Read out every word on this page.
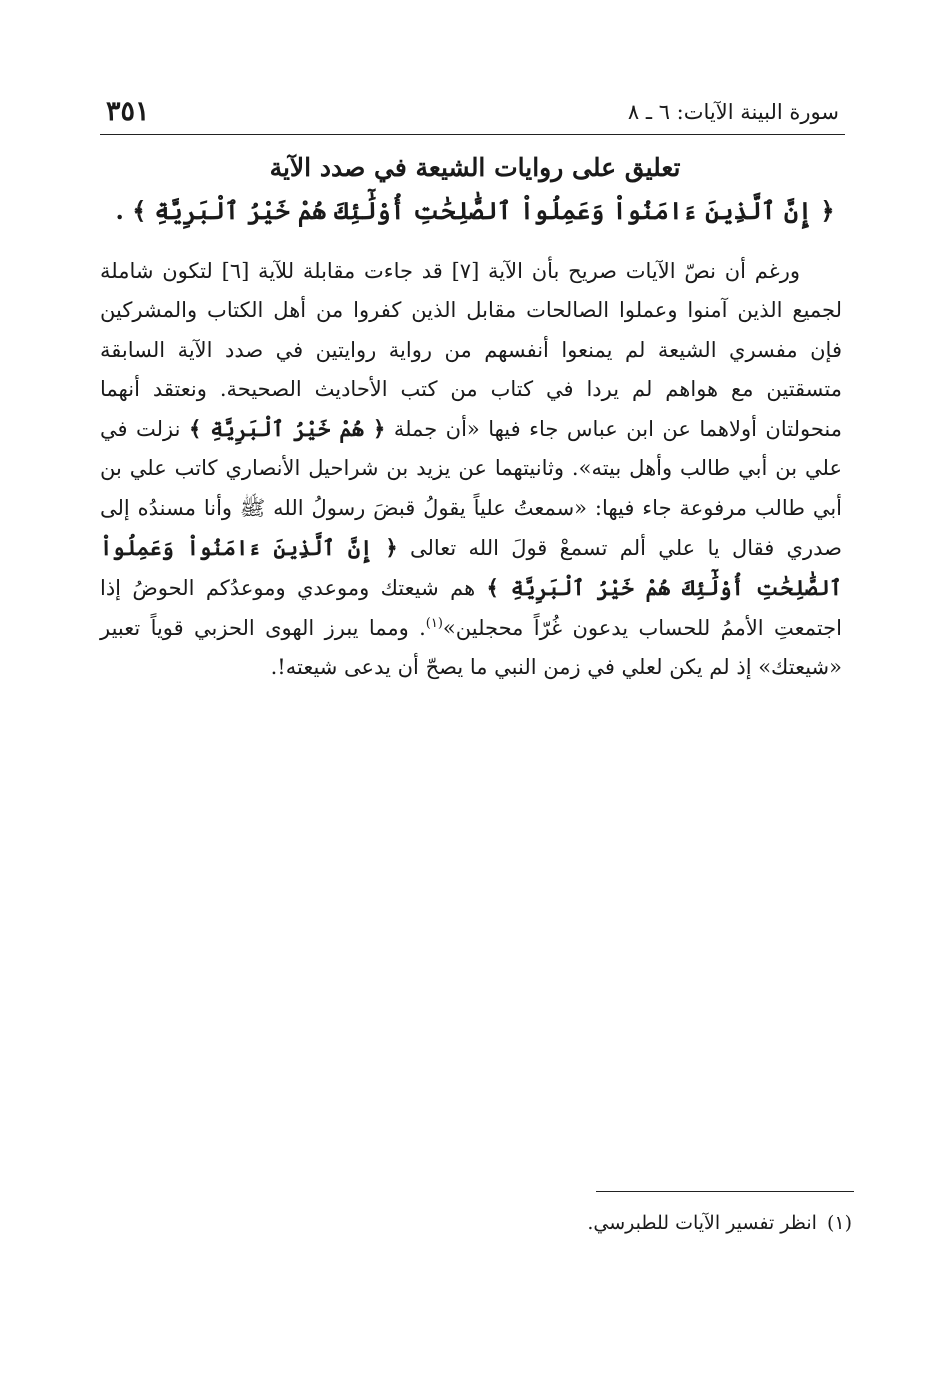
سورة البينة الآيات: ٦ ـ ٨
٣٥١
تعليق على روايات الشيعة في صدد الآية
﴿ إِنَّ ٱلَّذِينَ ءَامَنُواْ وَعَمِلُواْ ٱلصَّٰلِحَٰتِ أُوْلَٰٓئِكَ هُمْ خَيْرُ ٱلْبَرِيَّةِ ﴾ .

ورغم أن نصّ الآيات صريح بأن الآية [٧] قد جاءت مقابلة للآية [٦] لتكون شاملة لجميع الذين آمنوا وعملوا الصالحات مقابل الذين كفروا من أهل الكتاب والمشركين فإن مفسري الشيعة لم يمنعوا أنفسهم من رواية روايتين في صدد الآية السابقة متسقتين مع هواهم لم يردا في كتاب من كتب الأحاديث الصحيحة. ونعتقد أنهما منحولتان أولاهما عن ابن عباس جاء فيها «أن جملة ﴿ هُمْ خَيْرُ ٱلْبَرِيَّةِ ﴾ نزلت في علي بن أبي طالب وأهل بيته». وثانيتهما عن يزيد بن شراحيل الأنصاري كاتب علي بن أبي طالب مرفوعة جاء فيها: «سمعتُ علياً يقولُ قبضَ رسولُ الله ﷺ وأنا مسندُه إلى صدري فقال يا علي ألم تسمعْ قولَ الله تعالى ﴿ إِنَّ ٱلَّذِينَ ءَامَنُواْ وَعَمِلُواْ ٱلصَّٰلِحَٰتِ أُوْلَٰٓئِكَ هُمْ خَيْرُ ٱلْبَرِيَّةِ ﴾ هم شيعتك وموعدي وموعدُكم الحوضُ إذا اجتمعتِ الأممُ للحساب يدعون غُرّاً محجلين»$^{(١)}$. ومما يبرز الهوى الحزبي قوياً تعبير «شيعتك» إذ لم يكن لعلي في زمن النبي ما يصحّ أن يدعى شيعته!.

(١)انظر تفسير الآيات للطبرسي.
